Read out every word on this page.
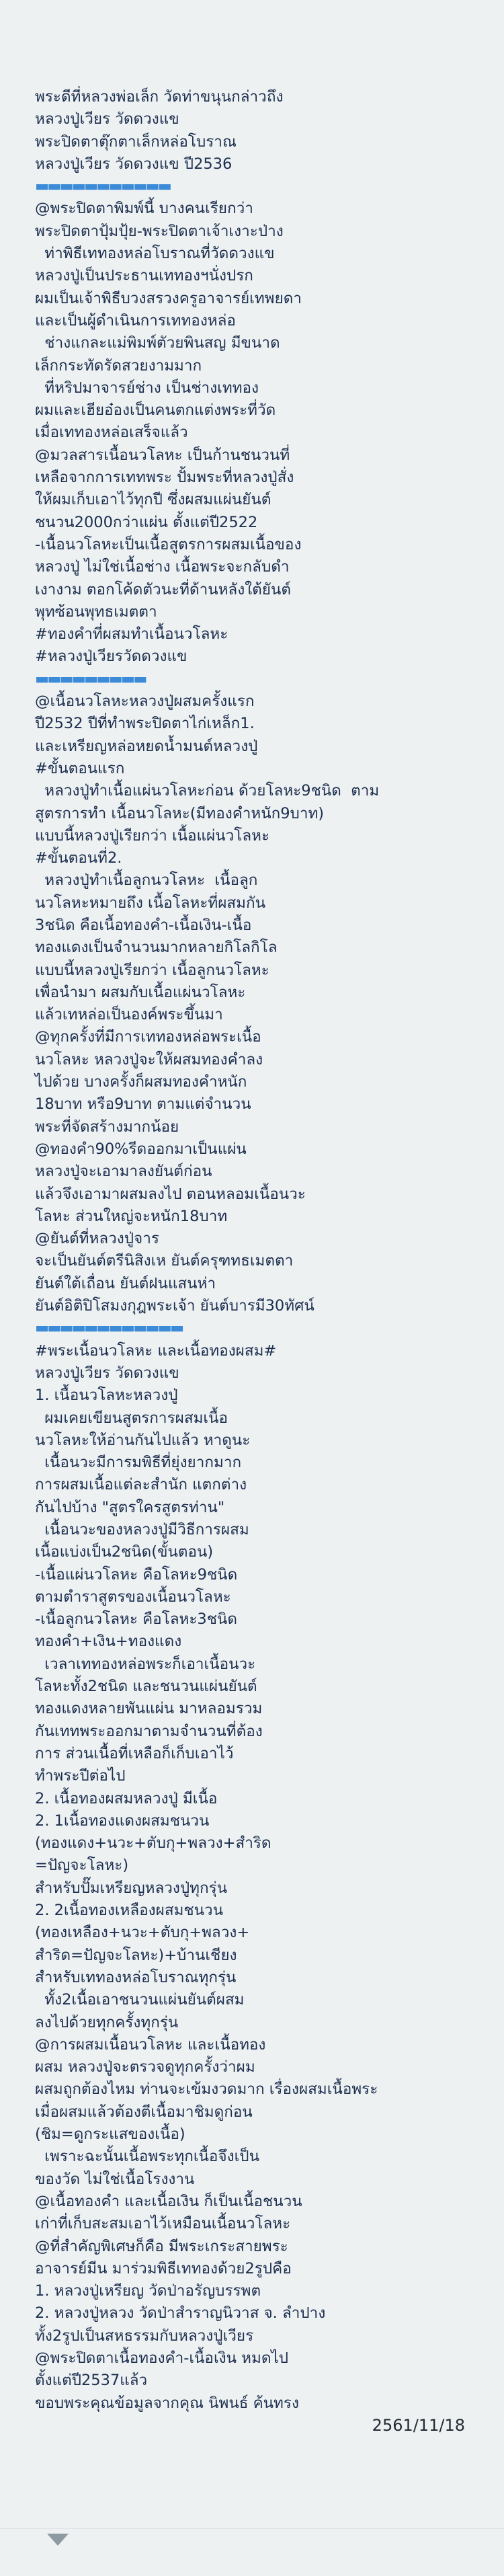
พระดีที่หลวงพ่อเล็ก วัดท่าขนุนกล่าวถึง
หลวงปู่เวียร วัดดวงแข
พระปิดตาตุ๊กตาเล็กหล่อโบราณ
หลวงปู่เวียร วัดดวงแข ปี2536
▬▬▬▬▬▬▬▬▬▬▬
@พระปิดตาพิมพ์นี้ บางคนเรียกว่า
พระปิดตาปุ้มปุ้ย-พระปิดตาเจ้าเงาะป่าง
ท่าพิธีเททองหล่อโบราณที่วัดดวงแข
หลวงปู่เป็นประธานเททองฯนั่งปรก
ผมเป็นเจ้าพิธีบวงสรวงครูอาจารย์เทพยดา
และเป็นผู้ดำเนินการเททองหล่อ
ช่างแกละแม่พิมพ์ตัวยพินสญ มีขนาด
เล็กกระทัดรัดสวยงามมาก
ที่หริปมาจารย์ช่าง เป็นช่างเททอง
ผมและเฮียอ๋องเป็นคนตกแต่งพระที่วัด
เมื่อเททองหล่อเสร็จแล้ว
@มวลสารเนื้อนวโลหะ เป็นก้านชนวนที่
เหลือจากการเททพระ ปั้มพระที่หลวงปู่สั่ง
ให้ผมเก็บเอาไว้ทุกปี ซึ่งผสมแผ่นยันต์
ชนวน2000กว่าแผ่น ตั้งแต่ปี2522
-เนื้อนวโลหะเป็นเนื้อสูตรการผสมเนื้อของ
หลวงปู่ ไม่ใช่เนื้อช่าง เนื้อพระจะกลับดำ
เงางาม ตอกโค้ดตัวนะที่ด้านหลังใต้ยันต์
พุทซ้อนพุทธเมตตา
#ทองคำที่ผสมทำเนื้อนวโลหะ
#หลวงปู่เวียรวัดดวงแข
▬▬▬▬▬▬▬▬▬
@เนื้อนวโลหะหลวงปู่ผสมครั้งแรก
ปี2532 ปีที่ทำพระปิดตาไก่เหล็ก1.
และเหรียญหล่อหยดน้ำมนต์หลวงปู่
#ขั้นตอนแรก
หลวงปู่ทำเนื้อแผ่นวโลหะก่อน ด้วยโลหะ9ชนิด  ตาม
สูตรการทำ เนื้อนวโลหะ(มีทองคำหนัก9บาท)
แบบนี้หลวงปู่เรียกว่า เนื้อแผ่นวโลหะ
#ขั้นตอนที่2.
หลวงปู่ทำเนื้อลูกนวโลหะ  เนื้อลูก
นวโลหะหมายถึง เนื้อโลหะที่ผสมกัน
3ชนิด คือเนื้อทองคำ-เนื้อเงิน-เนื้อ
ทองแดงเป็นจำนวนมากหลายกิโลกิโล
แบบนี้หลวงปู่เรียกว่า เนื้อลูกนวโลหะ
เพื่อนำมา ผสมกับเนื้อแผ่นวโลหะ
แล้วเทหล่อเป็นองค์พระขึ้นมา
@ทุกครั้งที่มีการเททองหล่อพระเนื้อ
นวโลหะ หลวงปู่จะให้ผสมทองคำลง
ไปด้วย บางครั้งก็ผสมทองคำหนัก
18บาท หรือ9บาท ตามแต่จำนวน
พระที่จัดสร้างมากน้อย
@ทองคำ90%รีดออกมาเป็นแผ่น
หลวงปู่จะเอามาลงยันต์ก่อน
แล้วจึงเอามาผสมลงไป ตอนหลอมเนื้อนวะ
โลหะ ส่วนใหญ่จะหนัก18บาท
@ยันต์ที่หลวงปู่จาร
จะเป็นยันต์ตรีนิสิงเห ยันต์ครุฑทธเมตตา
ยันต์ใต้เถื่อน ยันต์ฝนแสนห่า
ยันต์อิติปิโสมงกุฎพระเจ้า ยันต์บารมี30ทัศน์
▬▬▬▬▬▬▬▬▬▬▬▬
#พระเนื้อนวโลหะ และเนื้อทองผสม#
หลวงปู่เวียร วัดดวงแข
1. เนื้อนวโลหะหลวงปู่
ผมเคยเขียนสูตรการผสมเนื้อ
นวโลหะให้อ่านกันไปแล้ว หาดูนะ
เนื้อนวะมีการมพิธีที่ยุ่งยากมาก
การผสมเนื้อแต่ละสำนัก แตกต่าง
กันไปบ้าง "สูตรใครสูตรท่าน"
เนื้อนวะของหลวงปู่มีวิธีการผสม
เนื้อแบ่งเป็น2ชนิด(ขั้นตอน)
-เนื้อแผ่นวโลหะ คือโลหะ9ชนิด
ตามตำราสูตรของเนื้อนวโลหะ
-เนื้อลูกนวโลหะ คือโลหะ3ชนิด
ทองคำ+เงิน+ทองแดง
เวลาเททองหล่อพระก็เอาเนื้อนวะ
โลหะทั้ง2ชนิด และชนวนแผ่นยันต์
ทองแดงหลายพันแผ่น มาหลอมรวม
กันเททพระออกมาตามจำนวนที่ต้อง
การ ส่วนเนื้อที่เหลือก็เก็บเอาไว้
ทำพระปีต่อไป
2. เนื้อทองผสมหลวงปู่ มีเนื้อ
2. 1เนื้อทองแดงผสมชนวน
(ทองแดง+นวะ+ตับกุ+พลวง+สำริด
=ปัญจะโลหะ)
สำหรับปั๊มเหรียญหลวงปู่ทุกรุ่น
2. 2เนื้อทองเหลืองผสมชนวน
(ทองเหลือง+นวะ+ตับกุ+พลวง+
สำริด=ปัญจะโลหะ)+บ้านเชียง
สำหรับเททองหล่อโบราณทุกรุ่น
ทั้ง2เนื้อเอาชนวนแผ่นยันต์ผสม
ลงไปด้วยทุกครั้งทุกรุ่น
@การผสมเนื้อนวโลหะ และเนื้อทอง
ผสม หลวงปู่จะตรวจดูทุกครั้งว่าผม
ผสมถูกต้องไหม ท่านจะเข้มงวดมาก เรื่องผสมเนื้อพระ
เมื่อผสมแล้วต้องตีเนื้อมาชิมดูก่อน
(ชิม=ดูกระแสของเนื้อ)
เพราะฉะนั้นเนื้อพระทุกเนื้อจึงเป็น
ของวัด ไม่ใช่เนื้อโรงงาน
@เนื้อทองคำ และเนื้อเงิน ก็เป็นเนื้อชนวน
เก่าที่เก็บสะสมเอาไว้เหมือนเนื้อนวโลหะ
@ที่สำคัญพิเศษก็คือ มีพระเกระสายพระ
อาจารย์มีน มาร่วมพิธีเททองด้วย2รูปคือ
1. หลวงปู่เหรียญ วัดป่าอรัญบรรพต
2. หลวงปู่หลวง วัดป่าสำราญนิวาส จ. ลำปาง
ทั้ง2รูปเป็นสหธรรมกับหลวงปู่เวียร
@พระปิดตาเนื้อทองคำ-เนื้อเงิน หมดไป
ตั้งแต่ปี2537แล้ว
ขอบพระคุณข้อมูลจากคุณ นิพนธ์ ค้นทรง
2561/11/18
